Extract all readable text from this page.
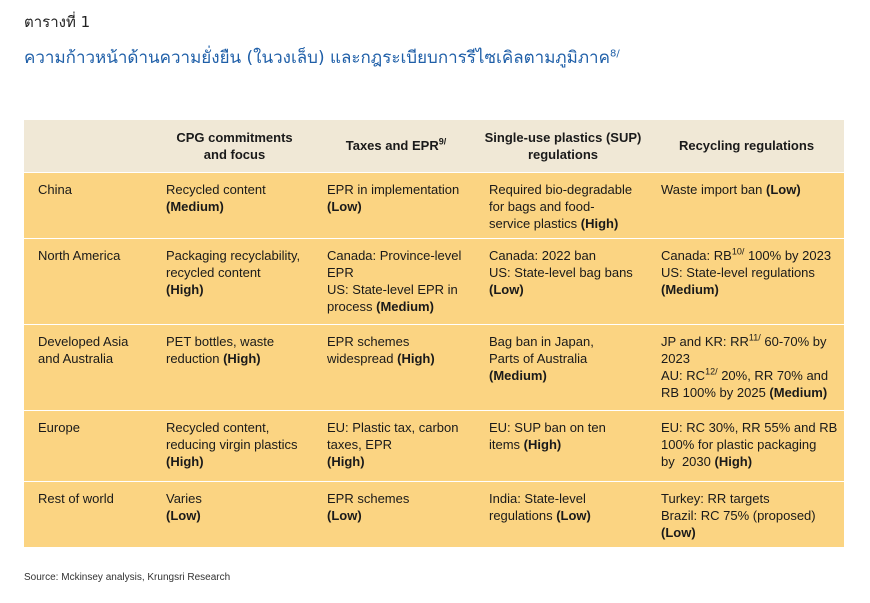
ตารางที่ 1
ความก้าวหน้าด้านความยั่งยืน (ในวงเล็บ) และกฎระเบียบการรีไซเคิลตามภูมิภาค$^{8/}$

	CPG commitments
and focus	Taxes and $EPR^{9/}$	Single-use plastics (SUP)
regulations	Recycling regulations
China	Recycled content
(Medium)	EPR in implementation
(Low)	Required bio-degradable
for bags and food-
service plastics (High)	Waste import ban (Low)

North America	Packaging recyclability,
recycled content
(High)	Canada: Province-level
EPR
US: State-level EPR in
process (Medium)	Canada: 2022 ban
US: State-level bag bans
(Low)	Canada: $RB^{10/}$ 100% by 2023
US: State-level regulations
(Medium)

Developed Asia
and Australia	PET bottles, waste
reduction (High)	EPR schemes
widespread (High)	Bag ban in Japan,
Parts of Australia
(Medium)	JP and KR: $RR^{11/}$ 60-70% by
2023
AU: $RC^{12/}$ 20%, RR 70% and
RB 100% by 2025 (Medium)

Europe	Recycled content,
reducing virgin plastics
(High)	EU: Plastic tax, carbon
taxes, EPR
(High)	EU: SUP ban on ten
items (High)	EU: RC 30%, RR 55% and RB
100% for plastic packaging
by  2030 (High)

Rest of world	Varies
(Low)	EPR schemes
(Low)	India: State-level
regulations (Low)	Turkey: RR targets
Brazil: RC 75% (proposed)
(Low)
Source: Mckinsey analysis, Krungsri Research
